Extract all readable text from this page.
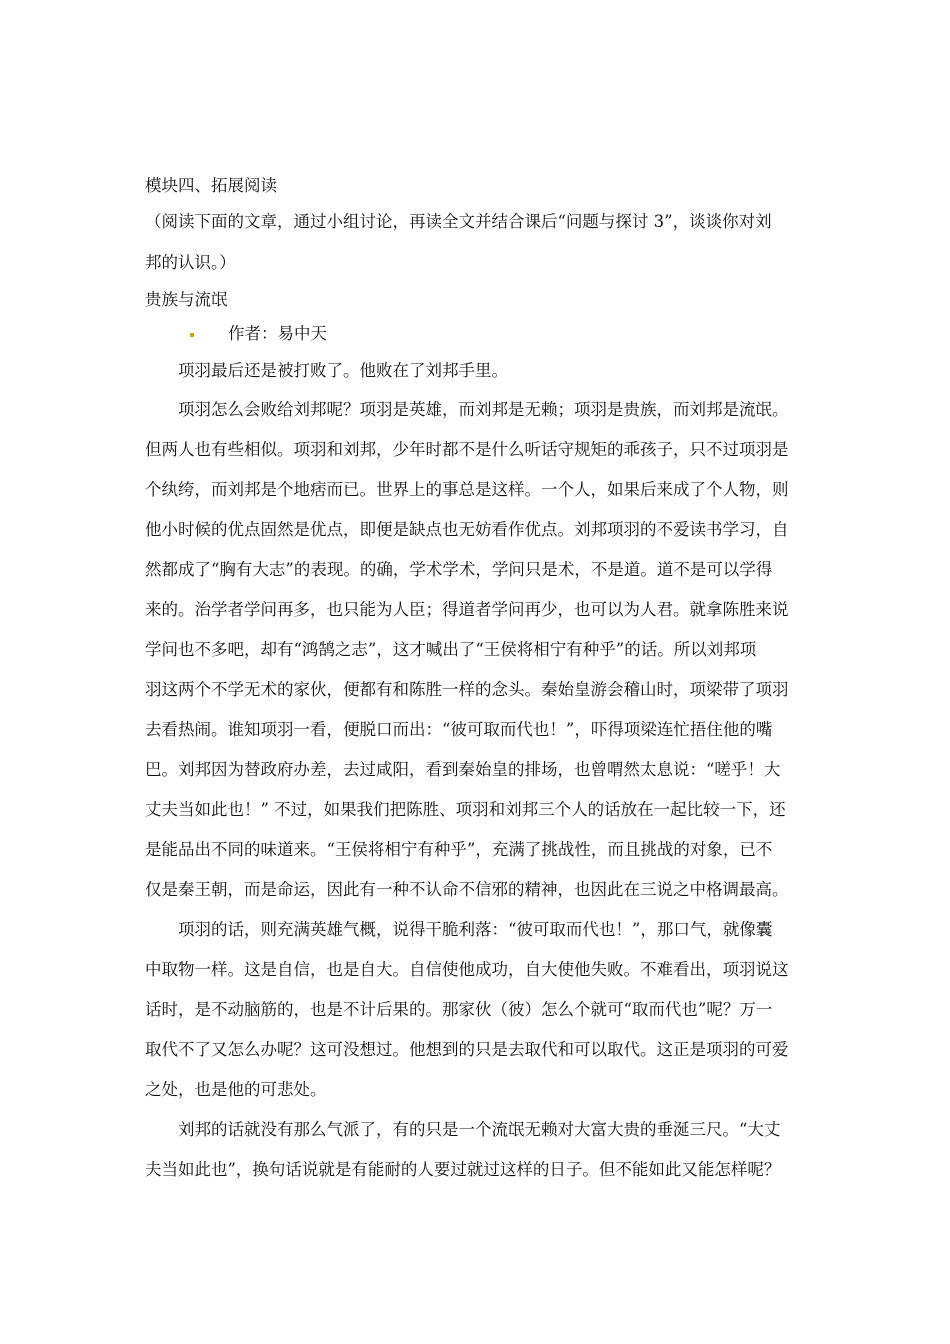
模块四、拓展阅读
（阅读下面的文章，通过小组讨论，再读全文并结合课后“问题与探讨 3”，谈谈你对刘
邦的认识。）
贵族与流氓
作者：易中天
项羽最后还是被打败了。他败在了刘邦手里。
项羽怎么会败给刘邦呢？项羽是英雄，而刘邦是无赖；项羽是贵族，而刘邦是流氓。
但两人也有些相似。项羽和刘邦，少年时都不是什么听话守规矩的乖孩子，只不过项羽是
个纨绔，而刘邦是个地痞而已。世界上的事总是这样。一个人，如果后来成了个人物，则
他小时候的优点固然是优点，即便是缺点也无妨看作优点。刘邦项羽的不爱读书学习，自
然都成了“胸有大志”的表现。的确，学术学术，学问只是术，不是道。道不是可以学得
来的。治学者学问再多，也只能为人臣；得道者学问再少，也可以为人君。就拿陈胜来说
学问也不多吧，却有“鸿鹄之志”，这才喊出了“王侯将相宁有种乎”的话。所以刘邦项
羽这两个不学无术的家伙，便都有和陈胜一样的念头。秦始皇游会稽山时，项梁带了项羽
去看热闹。谁知项羽一看，便脱口而出：“彼可取而代也！”，吓得项梁连忙捂住他的嘴
巴。刘邦因为替政府办差，去过咸阳，看到秦始皇的排场，也曾喟然太息说：“嗟乎！大
丈夫当如此也！” 不过，如果我们把陈胜、项羽和刘邦三个人的话放在一起比较一下，还
是能品出不同的味道来。“王侯将相宁有种乎”，充满了挑战性，而且挑战的对象，已不
仅是秦王朝，而是命运，因此有一种不认命不信邪的精神，也因此在三说之中格调最高。
项羽的话，则充满英雄气概，说得干脆利落：“彼可取而代也！”，那口气，就像囊
中取物一样。这是自信，也是自大。自信使他成功，自大使他失败。不难看出，项羽说这
话时，是不动脑筋的，也是不计后果的。那家伙（彼）怎么个就可“取而代也”呢？万一
取代不了又怎么办呢？这可没想过。他想到的只是去取代和可以取代。这正是项羽的可爱
之处，也是他的可悲处。
刘邦的话就没有那么气派了，有的只是一个流氓无赖对大富大贵的垂涎三尺。“大丈
夫当如此也”，换句话说就是有能耐的人要过就过这样的日子。但不能如此又能怎样呢？
